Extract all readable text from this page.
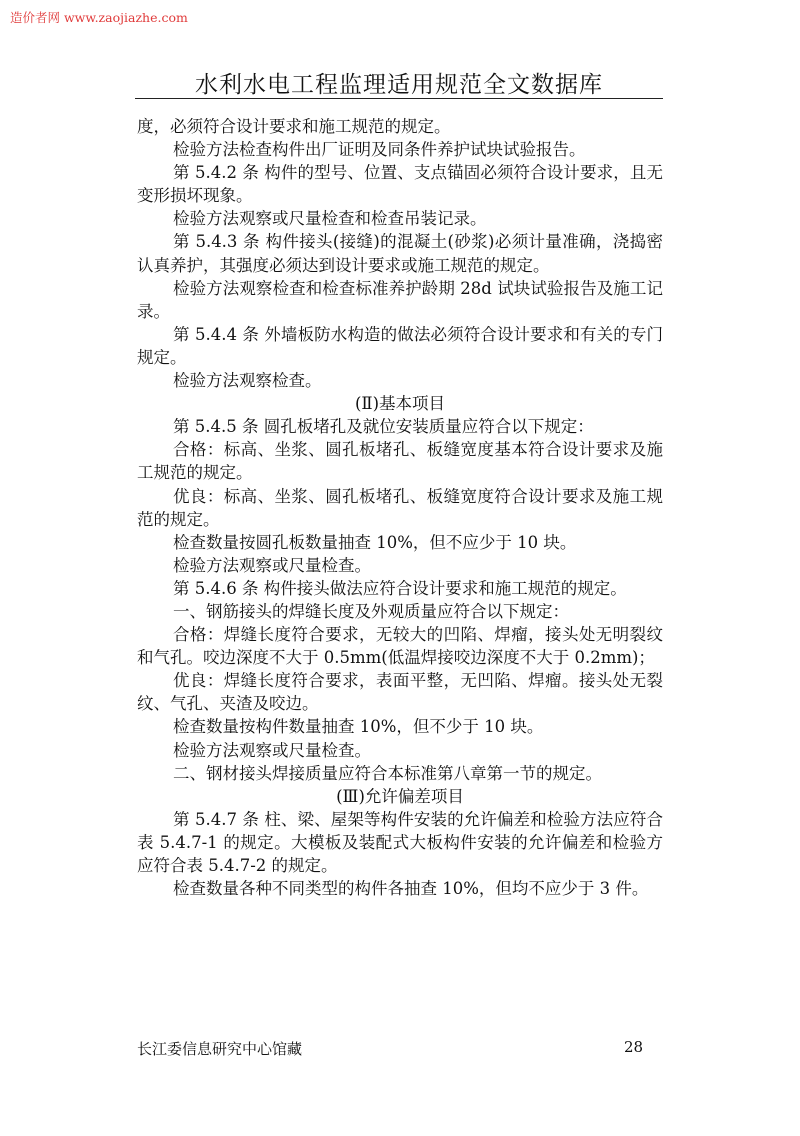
造价者网 www.zaojiazhe.com
水利水电工程监理适用规范全文数据库
度，必须符合设计要求和施工规范的规定。
检验方法检查构件出厂证明及同条件养护试块试验报告。
第 5.4.2 条 构件的型号、位置、支点锚固必须符合设计要求，且无
变形损坏现象。
检验方法观察或尺量检查和检查吊装记录。
第 5.4.3 条 构件接头(接缝)的混凝土(砂浆)必须计量准确，浇捣密
认真养护，其强度必须达到设计要求或施工规范的规定。
检验方法观察检查和检查标准养护龄期 28d 试块试验报告及施工记
录。
第 5.4.4 条 外墙板防水构造的做法必须符合设计要求和有关的专门
规定。
检验方法观察检查。
(Ⅱ)基本项目
第 5.4.5 条 圆孔板堵孔及就位安装质量应符合以下规定：
合格：标高、坐浆、圆孔板堵孔、板缝宽度基本符合设计要求及施
工规范的规定。
优良：标高、坐浆、圆孔板堵孔、板缝宽度符合设计要求及施工规
范的规定。
检查数量按圆孔板数量抽查 10%，但不应少于 10 块。
检验方法观察或尺量检查。
第 5.4.6 条 构件接头做法应符合设计要求和施工规范的规定。
一、钢筋接头的焊缝长度及外观质量应符合以下规定：
合格：焊缝长度符合要求，无较大的凹陷、焊瘤，接头处无明裂纹
和气孔。咬边深度不大于 0.5mm(低温焊接咬边深度不大于 0.2mm)；
优良：焊缝长度符合要求，表面平整，无凹陷、焊瘤。接头处无裂
纹、气孔、夹渣及咬边。
检查数量按构件数量抽查 10%，但不少于 10 块。
检验方法观察或尺量检查。
二、钢材接头焊接质量应符合本标准第八章第一节的规定。
(Ⅲ)允许偏差项目
第 5.4.7 条 柱、梁、屋架等构件安装的允许偏差和检验方法应符合
表 5.4.7-1 的规定。大模板及装配式大板构件安装的允许偏差和检验方
应符合表 5.4.7-2 的规定。
检查数量各种不同类型的构件各抽查 10%，但均不应少于 3 件。
长江委信息研究中心馆藏	28
